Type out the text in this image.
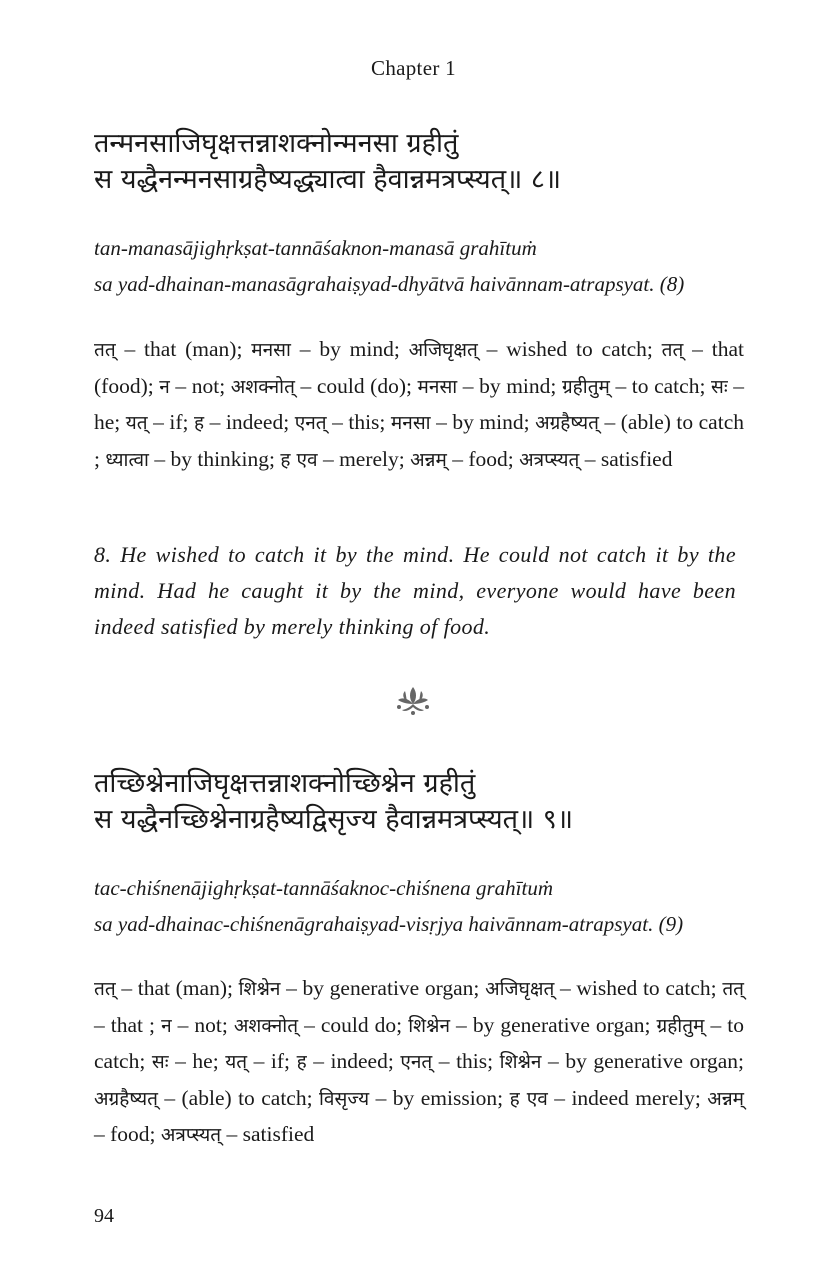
Chapter 1
तन्मनसाजिघृक्षत्तन्नाशक्नोन्मनसा ग्रहीतुं
स यद्धैनन्मनसाग्रहैष्यद्ध्यात्वा हैवान्नमत्रप्स्यत्॥ ८॥
tan-manasājighṛkṣat-tannāśaknon-manasā grahītuṁ
sa yad-dhainan-manasāgrahaiṣyad-dhyātvā haivānnam-atrapsyat. (8)
तत् – that (man); मनसा – by mind; अजिघृक्षत् – wished to catch; तत् – that (food); न – not; अशक्नोत् – could (do); मनसा – by mind; ग्रहीतुम् – to catch; सः – he; यत् – if; ह – indeed; एनत् – this; मनसा – by mind; अग्रहैष्यत् – (able) to catch ; ध्यात्वा – by thinking; ह एव – merely; अन्नम् – food; अत्रप्स्यत् – satisfied
8. He wished to catch it by the mind. He could not catch it by the mind. Had he caught it by the mind, everyone would have been indeed satisfied by merely thinking of food.
तच्छिश्नेनाजिघृक्षत्तन्नाशक्नोच्छिश्नेन ग्रहीतुं
स यद्धैनच्छिश्नेनाग्रहैष्यद्विसृज्य हैवान्नमत्रप्स्यत्॥ ९॥
tac-chiśnenājighṛkṣat-tannāśaknoc-chiśnena grahītuṁ
sa yad-dhainac-chiśnenāgrahaiṣyad-visṛjya haivānnam-atrapsyat. (9)
तत् – that (man); शिश्नेन – by generative organ; अजिघृक्षत् – wished to catch; तत् – that ; न – not; अशक्नोत् – could do; शिश्नेन – by generative organ; ग्रहीतुम् – to catch; सः – he; यत् – if; ह – indeed; एनत् – this; शिश्नेन – by generative organ; अग्रहैष्यत् – (able) to catch; विसृज्य – by emission; ह एव – indeed merely; अन्नम् – food; अत्रप्स्यत् – satisfied
94
